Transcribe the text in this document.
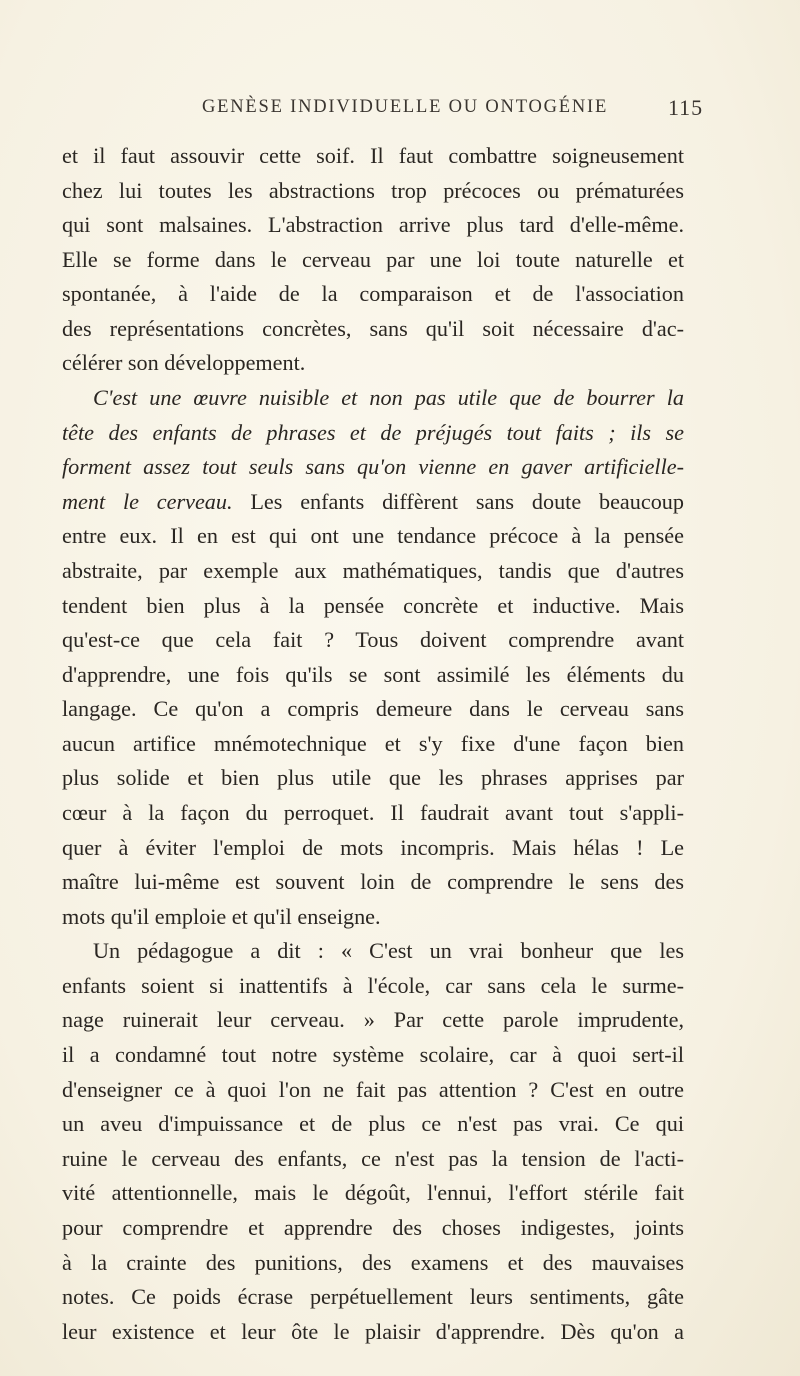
GENÈSE INDIVIDUELLE OU ONTOGÉNIE	115
et il faut assouvir cette soif. Il faut combattre soigneusement
chez lui toutes les abstractions trop précoces ou prématurées
qui sont malsaines. L'abstraction arrive plus tard d'elle-même.
Elle se forme dans le cerveau par une loi toute naturelle et
spontanée, à l'aide de la comparaison et de l'association
des représentations concrètes, sans qu'il soit nécessaire d'ac-
célérer son développement.
C'est une œuvre nuisible et non pas utile que de bourrer la
tête des enfants de phrases et de préjugés tout faits ; ils se
forment assez tout seuls sans qu'on vienne en gaver artificielle-
ment le cerveau. Les enfants diffèrent sans doute beaucoup
entre eux. Il en est qui ont une tendance précoce à la pensée
abstraite, par exemple aux mathématiques, tandis que d'autres
tendent bien plus à la pensée concrète et inductive. Mais
qu'est-ce que cela fait ? Tous doivent comprendre avant
d'apprendre, une fois qu'ils se sont assimilé les éléments du
langage. Ce qu'on a compris demeure dans le cerveau sans
aucun artifice mnémotechnique et s'y fixe d'une façon bien
plus solide et bien plus utile que les phrases apprises par
cœur à la façon du perroquet. Il faudrait avant tout s'appli-
quer à éviter l'emploi de mots incompris. Mais hélas ! Le
maître lui-même est souvent loin de comprendre le sens des
mots qu'il emploie et qu'il enseigne.
Un pédagogue a dit : « C'est un vrai bonheur que les
enfants soient si inattentifs à l'école, car sans cela le surme-
nage ruinerait leur cerveau. » Par cette parole imprudente,
il a condamné tout notre système scolaire, car à quoi sert-il
d'enseigner ce à quoi l'on ne fait pas attention ? C'est en outre
un aveu d'impuissance et de plus ce n'est pas vrai. Ce qui
ruine le cerveau des enfants, ce n'est pas la tension de l'acti-
vité attentionnelle, mais le dégoût, l'ennui, l'effort stérile fait
pour comprendre et apprendre des choses indigestes, joints
à la crainte des punitions, des examens et des mauvaises
notes. Ce poids écrase perpétuellement leurs sentiments, gâte
leur existence et leur ôte le plaisir d'apprendre. Dès qu'on a
